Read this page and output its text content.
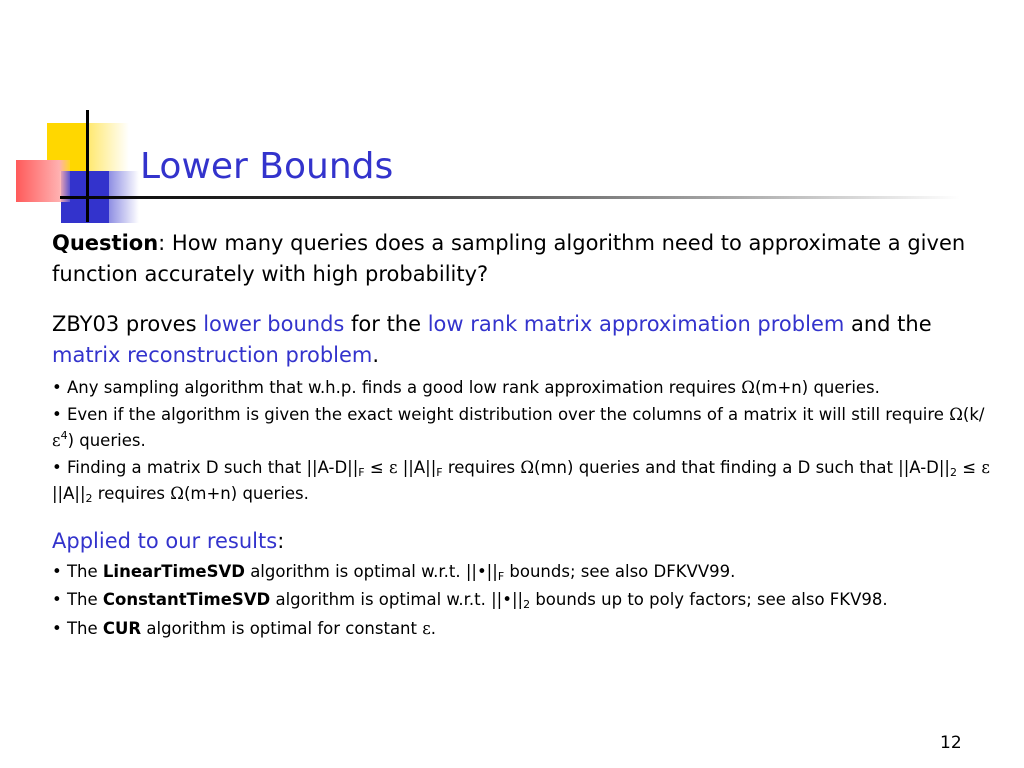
Lower Bounds

Question: How many queries does a sampling algorithm need to approximate a given function accurately with high probability?

ZBY03 proves lower bounds for the low rank matrix approximation problem and the matrix reconstruction problem.

• Any sampling algorithm that w.h.p. finds a good low rank approximation requires Ω(m+n) queries.

• Even if the algorithm is given the exact weight distribution over the columns of a matrix it will still require $\Omega(k/\varepsilon^4)$ queries.

• Finding a matrix D such that $||A-D||_F \le \varepsilon$ $||A||_F$ requires Ω(mn) queries and that finding a D such that $||A-D||_2 \le \varepsilon$ $||A||_2$ requires Ω(m+n) queries.

Applied to our results:

• The LinearTimeSVD algorithm is optimal w.r.t. $||•||_F$ bounds; see also DFKVV99.

• The ConstantTimeSVD algorithm is optimal w.r.t. $||•||_2$ bounds up to poly factors; see also FKV98.

• The CUR algorithm is optimal for constant ε.

12
